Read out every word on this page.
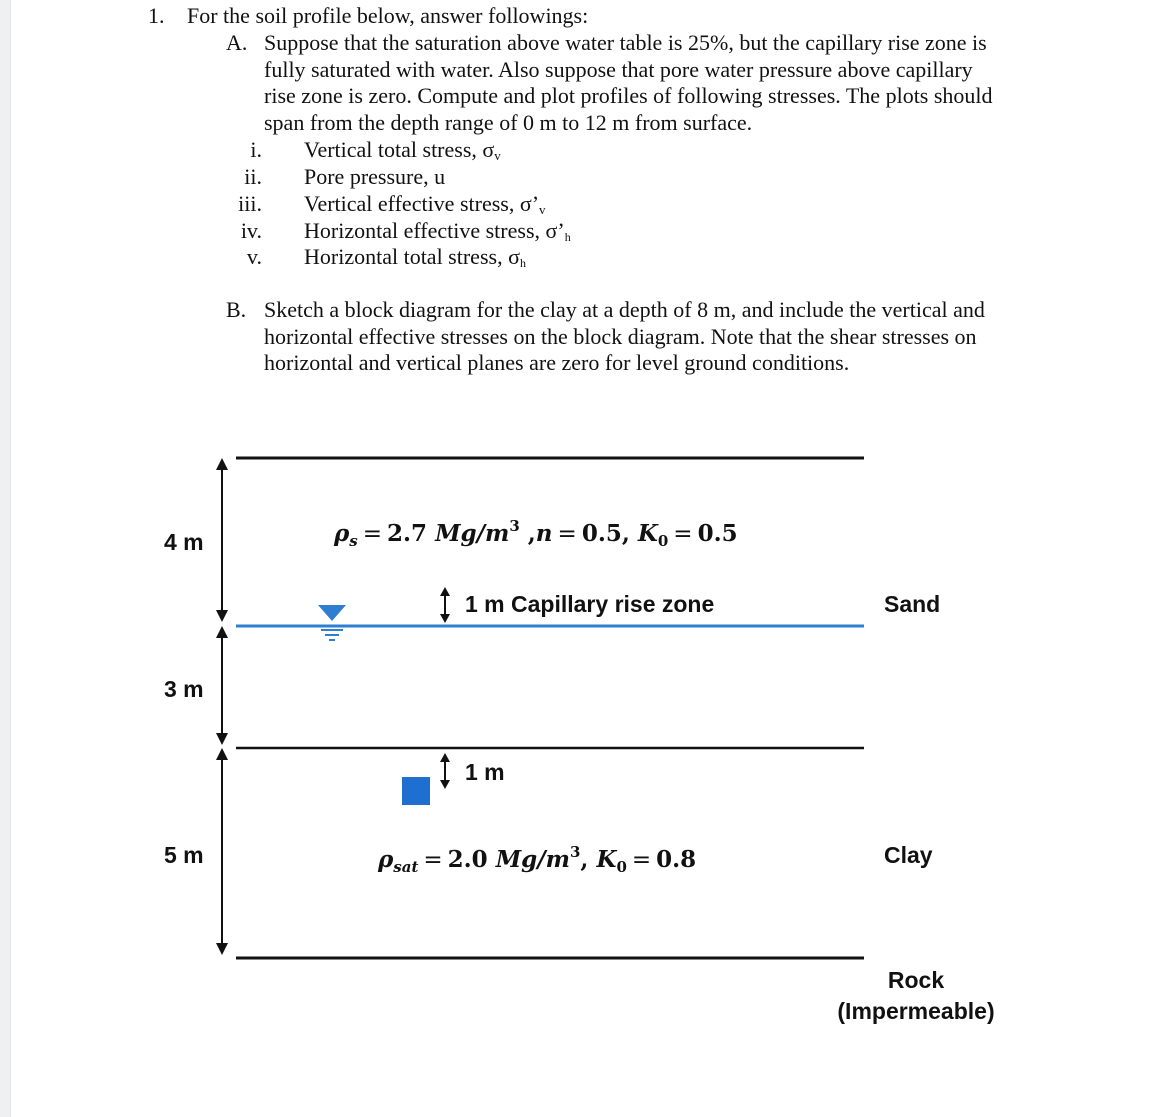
1. For the soil profile below, answer followings:
A. Suppose that the saturation above water table is 25%, but the capillary rise zone is
fully saturated with water. Also suppose that pore water pressure above capillary
rise zone is zero. Compute and plot profiles of following stresses. The plots should
span from the depth range of 0 m to 12 m from surface.
i. Vertical total stress, $\sigma_v$
ii. Pore pressure, u
iii. Vertical effective stress, $\sigma’_v$
iv. Horizontal effective stress, σ’h
v. Horizontal total stress, σh
B. Sketch a block diagram for the clay at a depth of 8 m, and include the vertical and
horizontal effective stresses on the block diagram. Note that the shear stresses on
horizontal and vertical planes are zero for level ground conditions.
4 m
3 m
5 m
$\rho_s = 2.7$ $Mg/m^3$ ,n = 0.5, $K_0 = 0.5$
1 m Capillary rise zone	Sand
1 m
$\rho_{sat} = 2.0$ $Mg/m^3$, $K_0 = 0.8$	Clay
Rock
(Impermeable)
